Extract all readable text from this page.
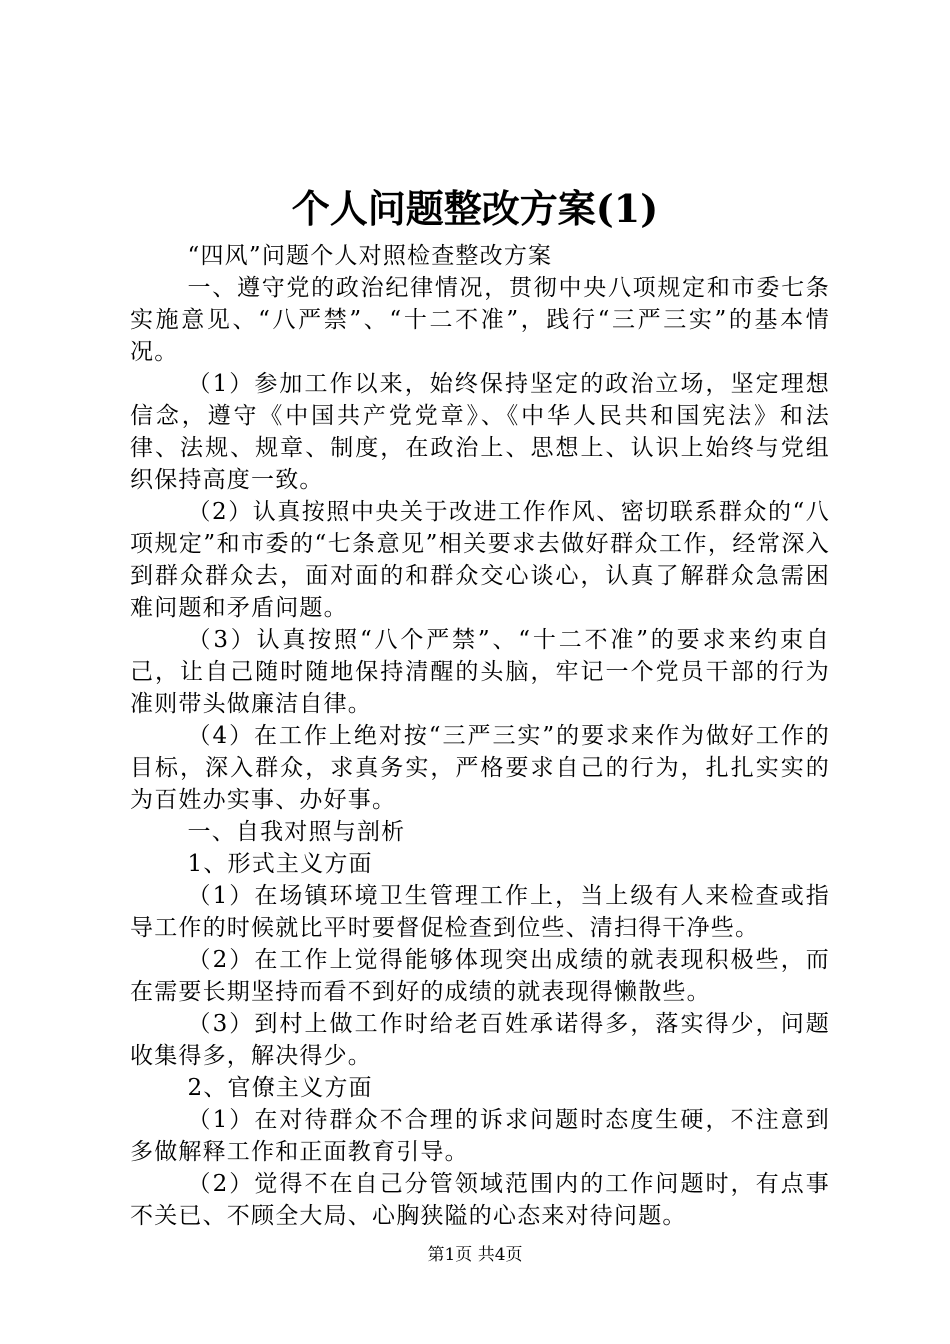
个人问题整改方案(1)

“四风”问题个人对照检查整改方案

一、遵守党的政治纪律情况，贯彻中央八项规定和市委七条实施意见、“八严禁”、“十二不准”，践行“三严三实”的基本情况。

（1）参加工作以来，始终保持坚定的政治立场，坚定理想信念，遵守《中国共产党党章》、《中华人民共和国宪法》和法律、法规、规章、制度，在政治上、思想上、认识上始终与党组织保持高度一致。

（2）认真按照中央关于改进工作作风、密切联系群众的“八项规定”和市委的“七条意见”相关要求去做好群众工作，经常深入到群众群众去，面对面的和群众交心谈心，认真了解群众急需困难问题和矛盾问题。

（3）认真按照“八个严禁”、“十二不准”的要求来约束自己，让自己随时随地保持清醒的头脑，牢记一个党员干部的行为准则带头做廉洁自律。

（4）在工作上绝对按“三严三实”的要求来作为做好工作的目标，深入群众，求真务实，严格要求自己的行为，扎扎实实的为百姓办实事、办好事。

一、自我对照与剖析

1、形式主义方面

（1）在场镇环境卫生管理工作上，当上级有人来检查或指导工作的时候就比平时要督促检查到位些、清扫得干净些。

（2）在工作上觉得能够体现突出成绩的就表现积极些，而在需要长期坚持而看不到好的成绩的就表现得懒散些。

（3）到村上做工作时给老百姓承诺得多，落实得少，问题收集得多，解决得少。

2、官僚主义方面

（1）在对待群众不合理的诉求问题时态度生硬，不注意到多做解释工作和正面教育引导。

（2）觉得不在自己分管领域范围内的工作问题时，有点事不关已、不顾全大局、心胸狭隘的心态来对待问题。

第1页 共4页
